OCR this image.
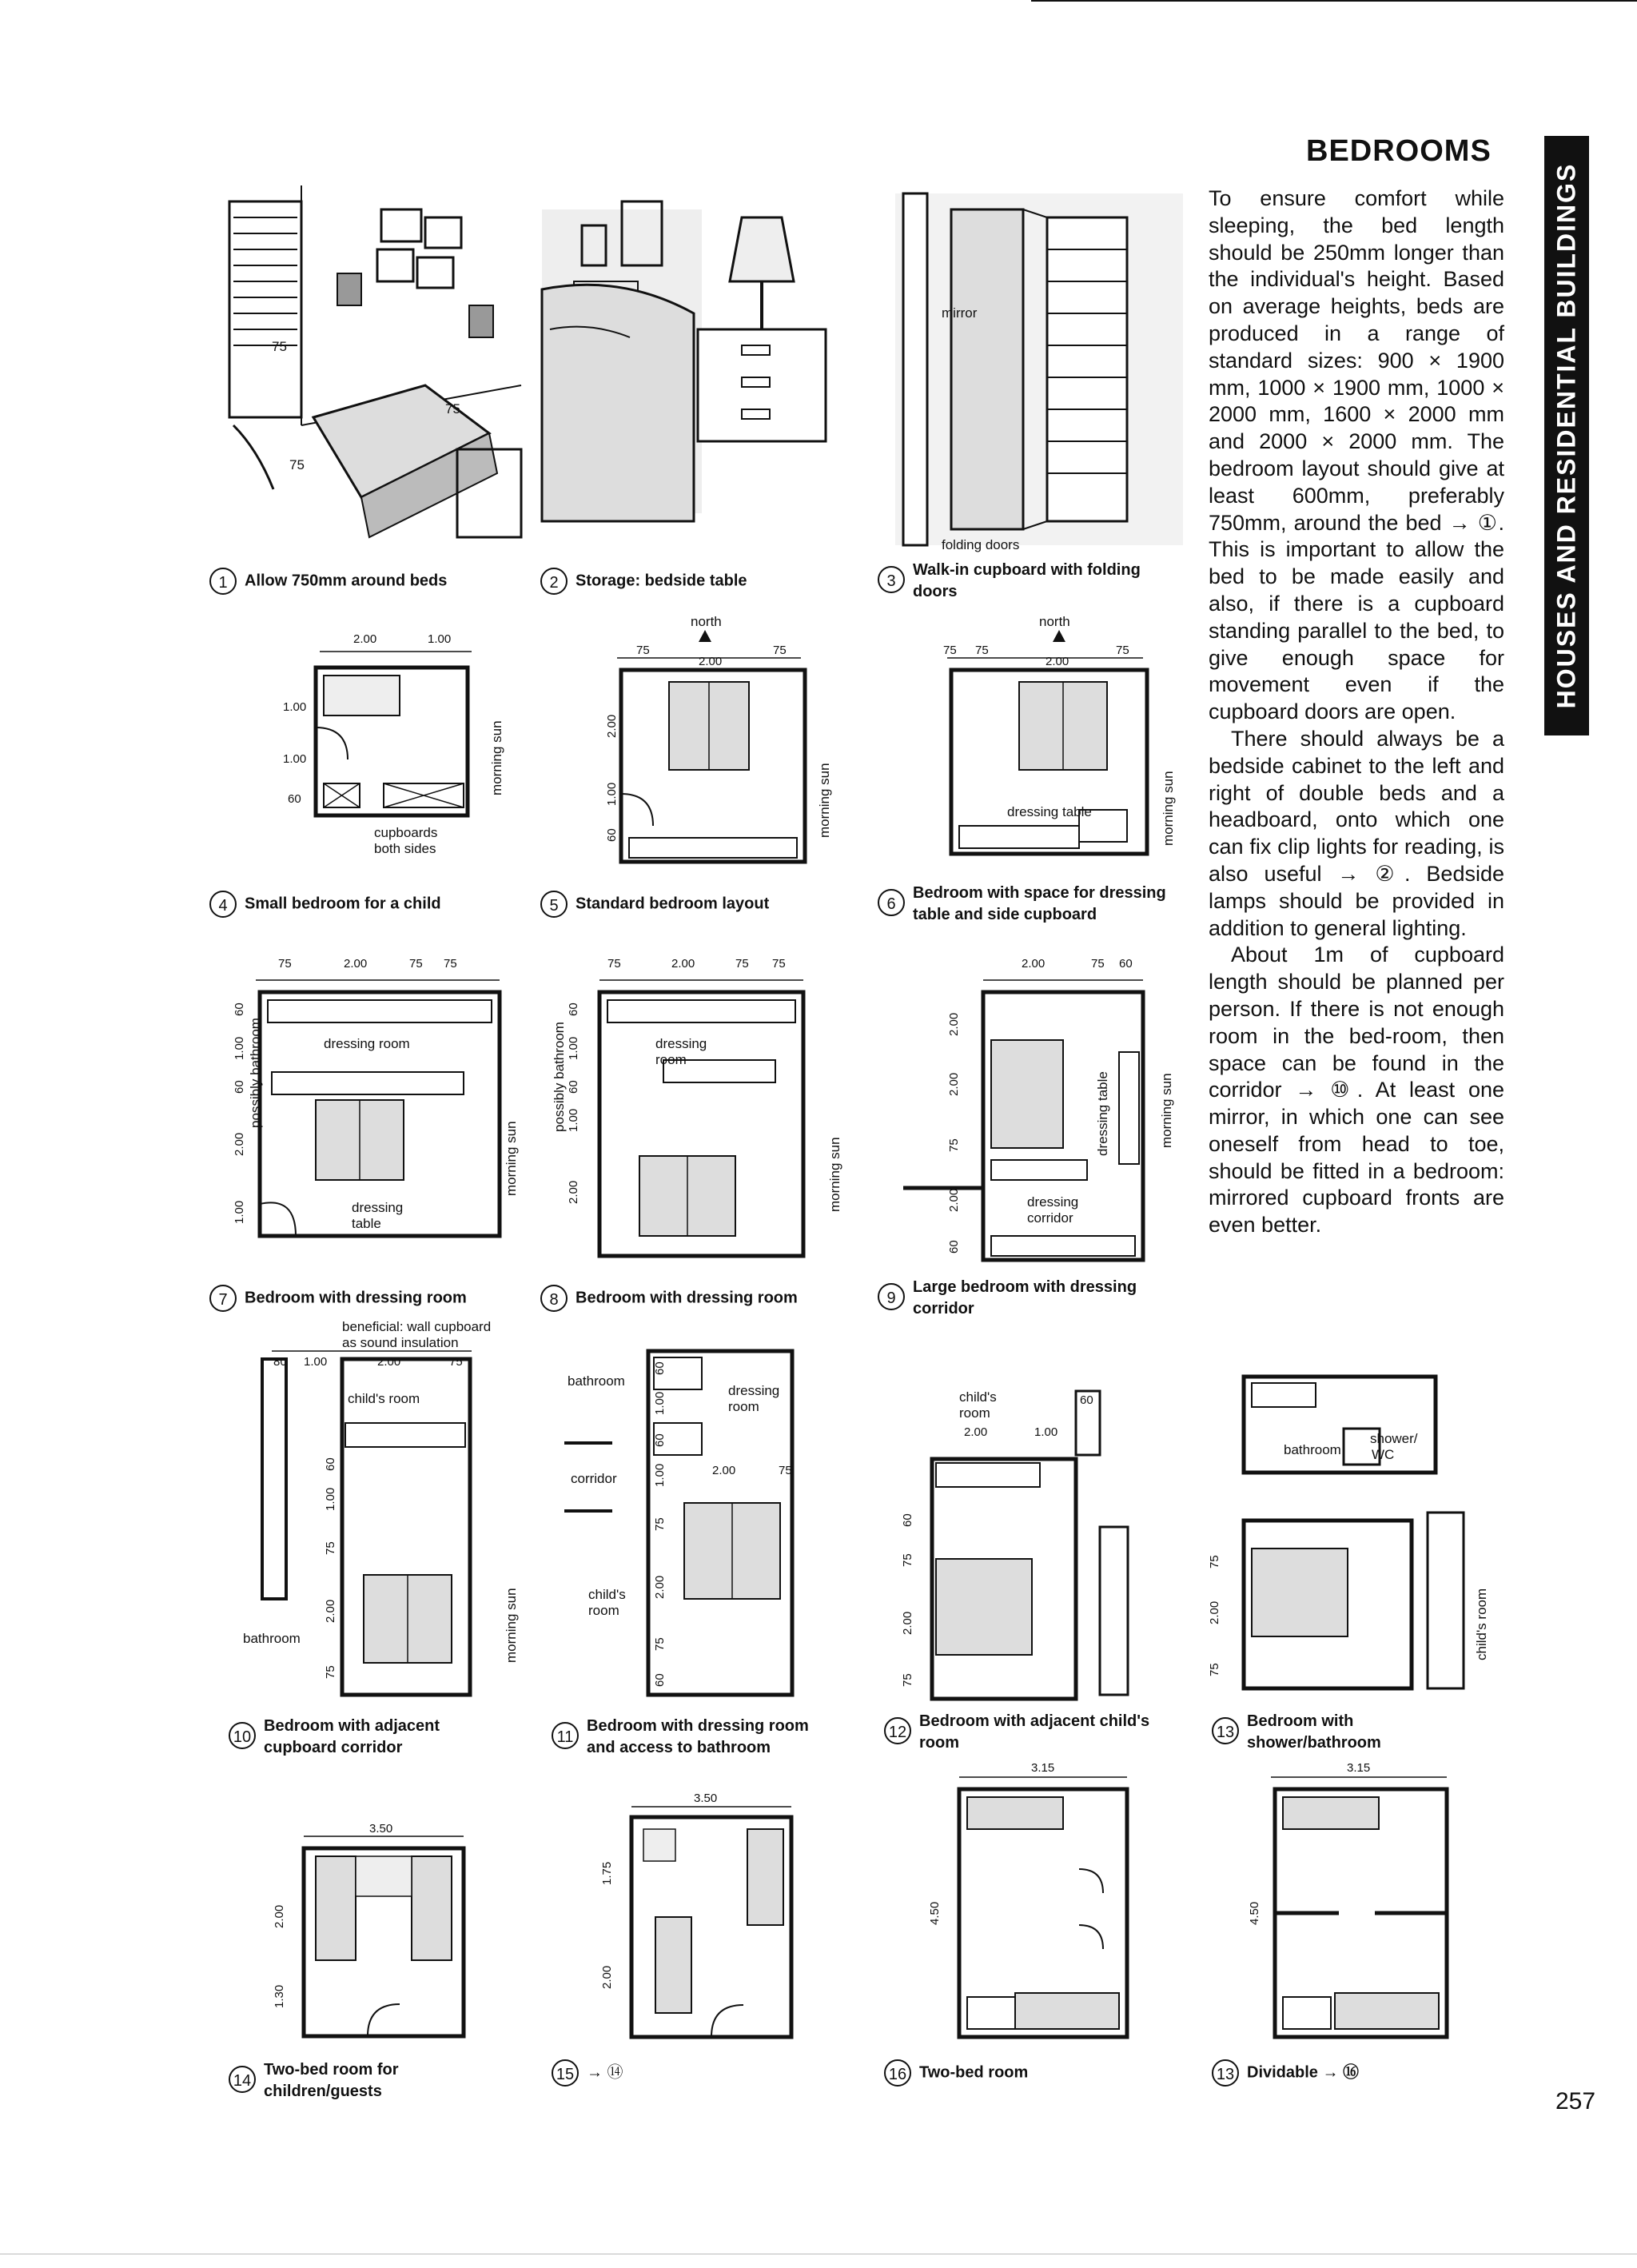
BEDROOMS
HOUSES AND RESIDENTIAL BUILDINGS

To ensure comfort while sleeping, the bed length should be 250mm longer than the individual's height. Based on average heights, beds are produced in a range of standard sizes: 900 × 1900 mm, 1000 × 1900 mm, 1000 × 2000 mm, 1600 × 2000 mm and 2000 × 2000 mm. The bedroom layout should give at least 600mm, preferably 750mm, around the bed → ①. This is important to allow the bed to be made easily and also, if there is a cupboard standing parallel to the bed, to give enough space for movement even if the cupboard doors are open.

There should always be a bedside cabinet to the left and right of double beds and a headboard, onto which one can fix clip lights for reading, is also useful → ②. Bedside lamps should be provided in addition to general lighting.

About 1m of cupboard length should be planned per person. If there is not enough room in the bed-room, then space can be found in the corridor → ⑩. At least one mirror, in which one can see oneself from head to toe, should be fitted in a bedroom: mirrored cupboard fronts are even better.

75
75
75
1 Allow 750mm around beds	2 Storage: bedside table
mirror
folding doors
3
Walk-in cupboard with folding doors
2.00	1.00
1.00
1.00
60
cupboards
both sides
morning sun
4 Small bedroom for a child
north
75
2.00
75
2.00
1.00
60	morning sun
5 Standard bedroom layout
north
75 75
2.00
75
dressing table	morning sun
6
Bedroom with space for dressing table and side cupboard
75	2.00	75 75
60
1.00
60
2.00
1.00
possibly bathroom	dressing room
dressing
table
morning sun
7 Bedroom with dressing room
75	2.00	75 75
60
1.00
60
1.00
2.00
possibly bathroom	dressing
room
morning sun
8 Bedroom with dressing room
2.00	75 60
2.00
2.00
75
2.00
60
dressing table
dressing
corridor
morning sun
9
Large bedroom with dressing corridor
beneficial: wall cupboard
as sound insulation
80 1.00	2.00	75
child's room
60
1.00
75
2.00
75
bathroom	morning sun
10
Bedroom with adjacent cupboard corridor
bathroom
dressing
room
corridor
2.00	75
child's
room
60
1.00
60
1.00
75
2.00
75
60
11
Bedroom with dressing room and access to bathroom
child's
room
2.00	1.00
60
60
75
2.00
75
12
Bedroom with adjacent child's room
bathroom
shower/
WC
75
2.00
75
child's room
13
Bedroom with shower/bathroom
3.50
2.00
1.30
14
Two-bed room for children/guests
3.50
1.75
2.00
15 → ⑭
3.15
4.50
16 Two-bed room
3.15
4.50
13 Dividable → ⑯
257
